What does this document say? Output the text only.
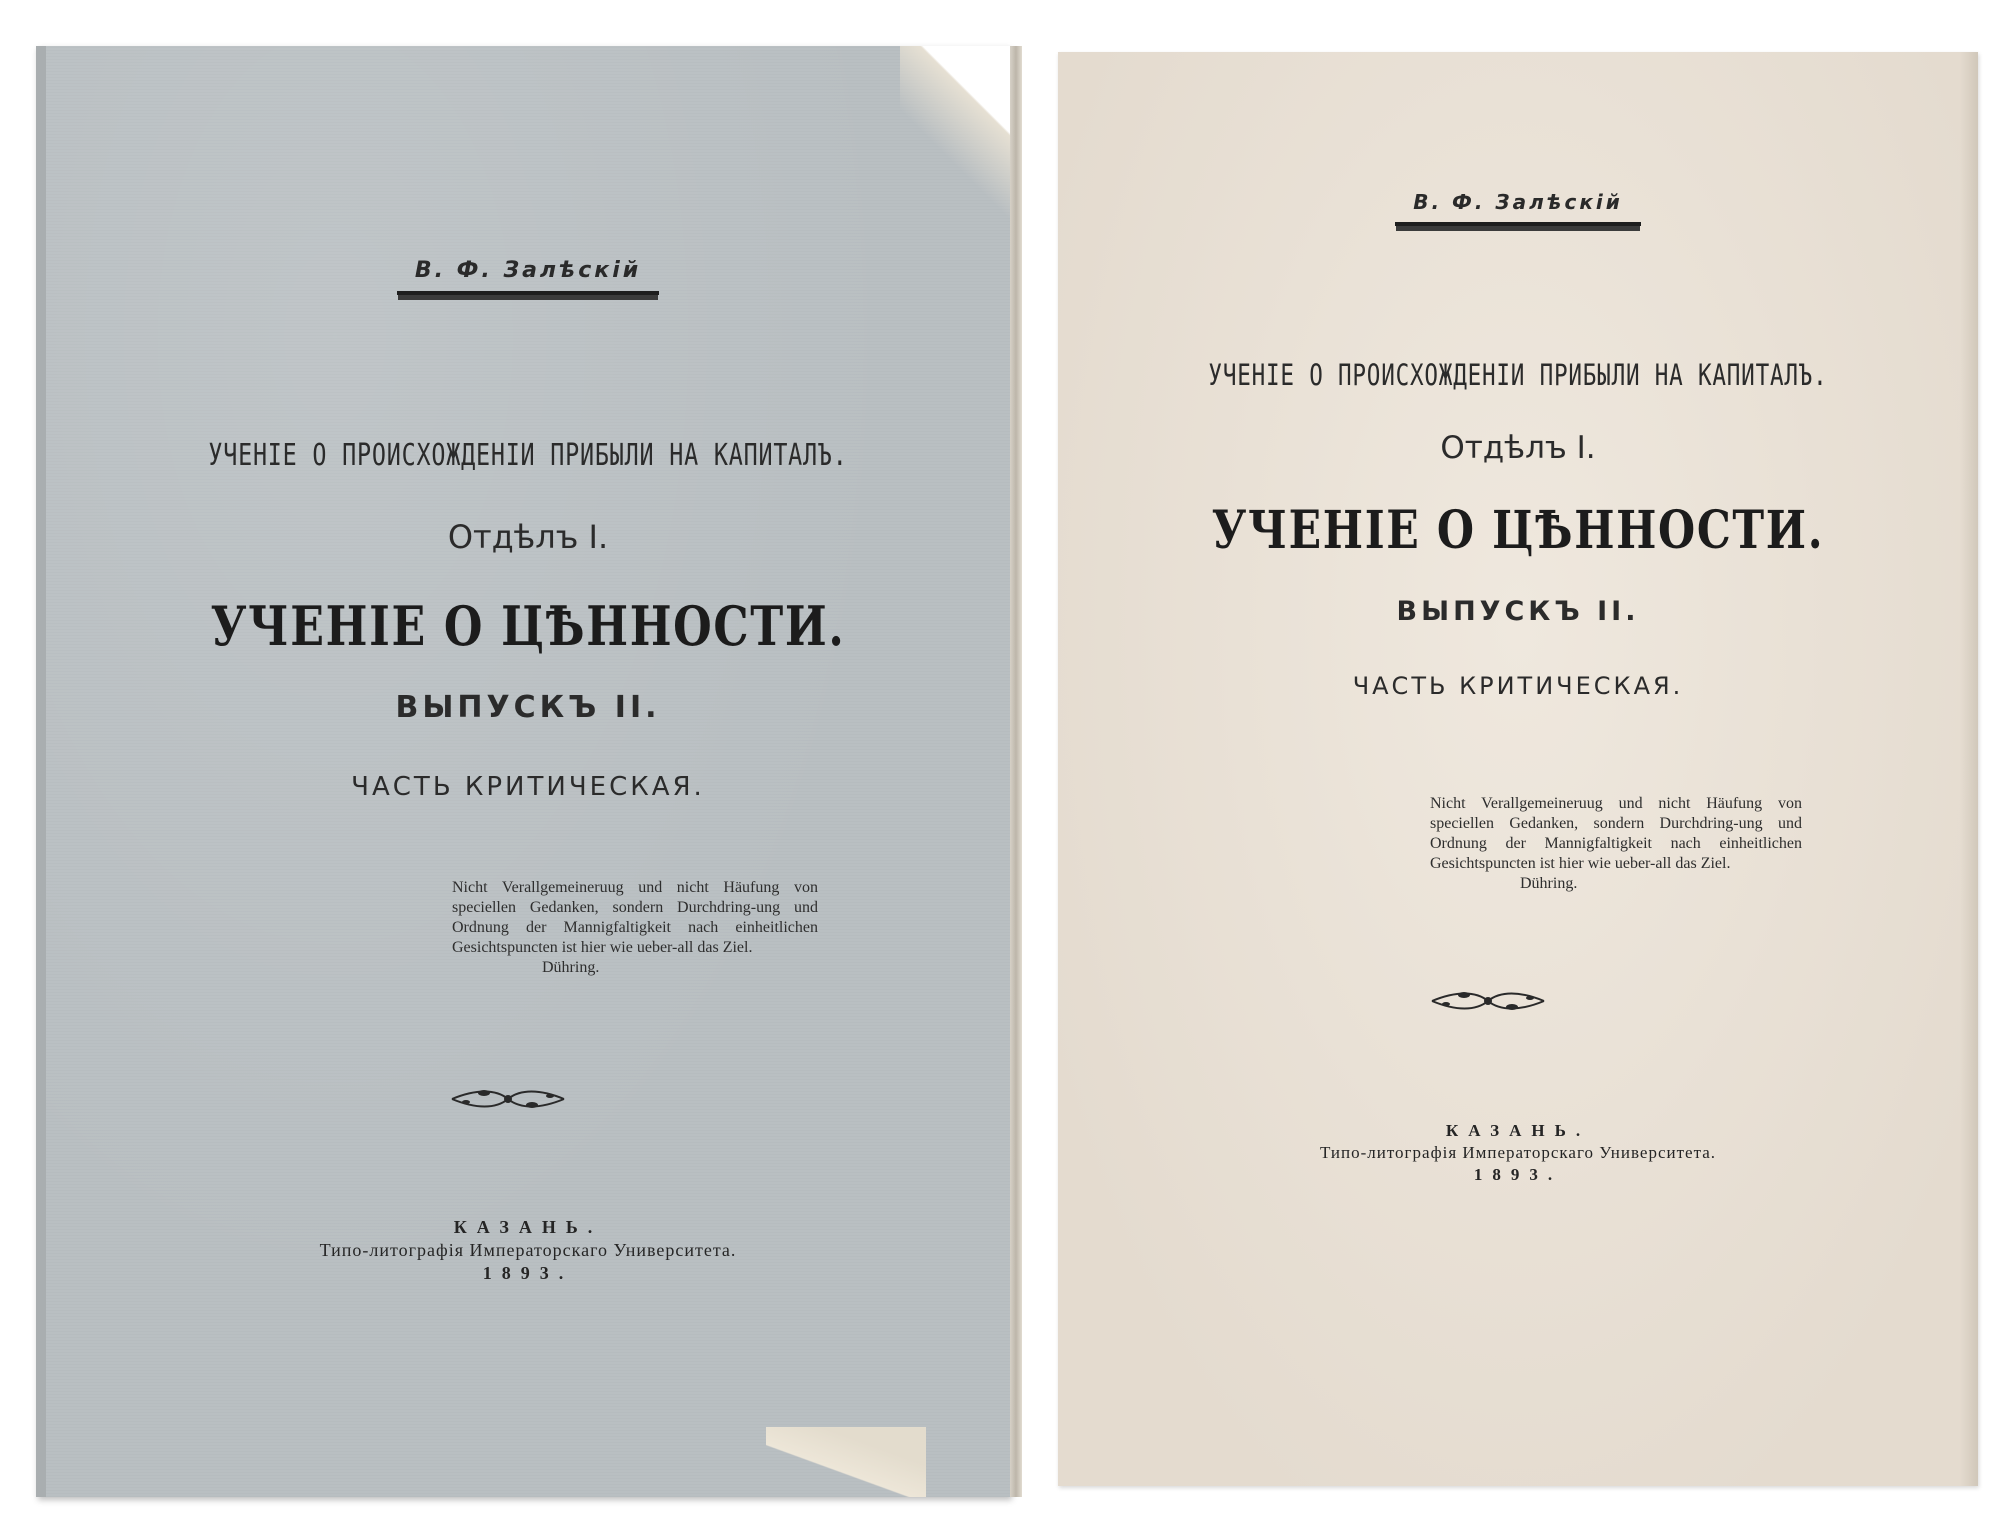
В. Ф. Залѣскій
УЧЕНІЕ О ПРОИСХОЖДЕНІИ ПРИБЫЛИ НА КАПИТАЛЪ.
Отдѣлъ I.
УЧЕНІЕ О ЦѢННОСТИ.
ВЫПУСКЪ II.
ЧАСТЬ КРИТИЧЕСКАЯ.
Nicht Verallgemeineruug und nicht Häufung von speciellen Gedanken, sondern Durchdring-ung und Ordnung der Mannigfaltigkeit nach einheitlichen Gesichtspuncten ist hier wie ueber-all das Ziel.
Dühring.
КАЗАНЬ.
Типо-литографія Императорскаго Университета.
1893.
В. Ф. Залѣскій
УЧЕНІЕ О ПРОИСХОЖДЕНІИ ПРИБЫЛИ НА КАПИТАЛЪ.
Отдѣлъ I.
УЧЕНІЕ О ЦѢННОСТИ.
ВЫПУСКЪ II.
ЧАСТЬ КРИТИЧЕСКАЯ.
Nicht Verallgemeineruug und nicht Häufung von speciellen Gedanken, sondern Durchdring-ung und Ordnung der Mannigfaltigkeit nach einheitlichen Gesichtspuncten ist hier wie ueber-all das Ziel.
Dühring.
КАЗАНЬ.
Типо-литографія Императорскаго Университета.
1893.
